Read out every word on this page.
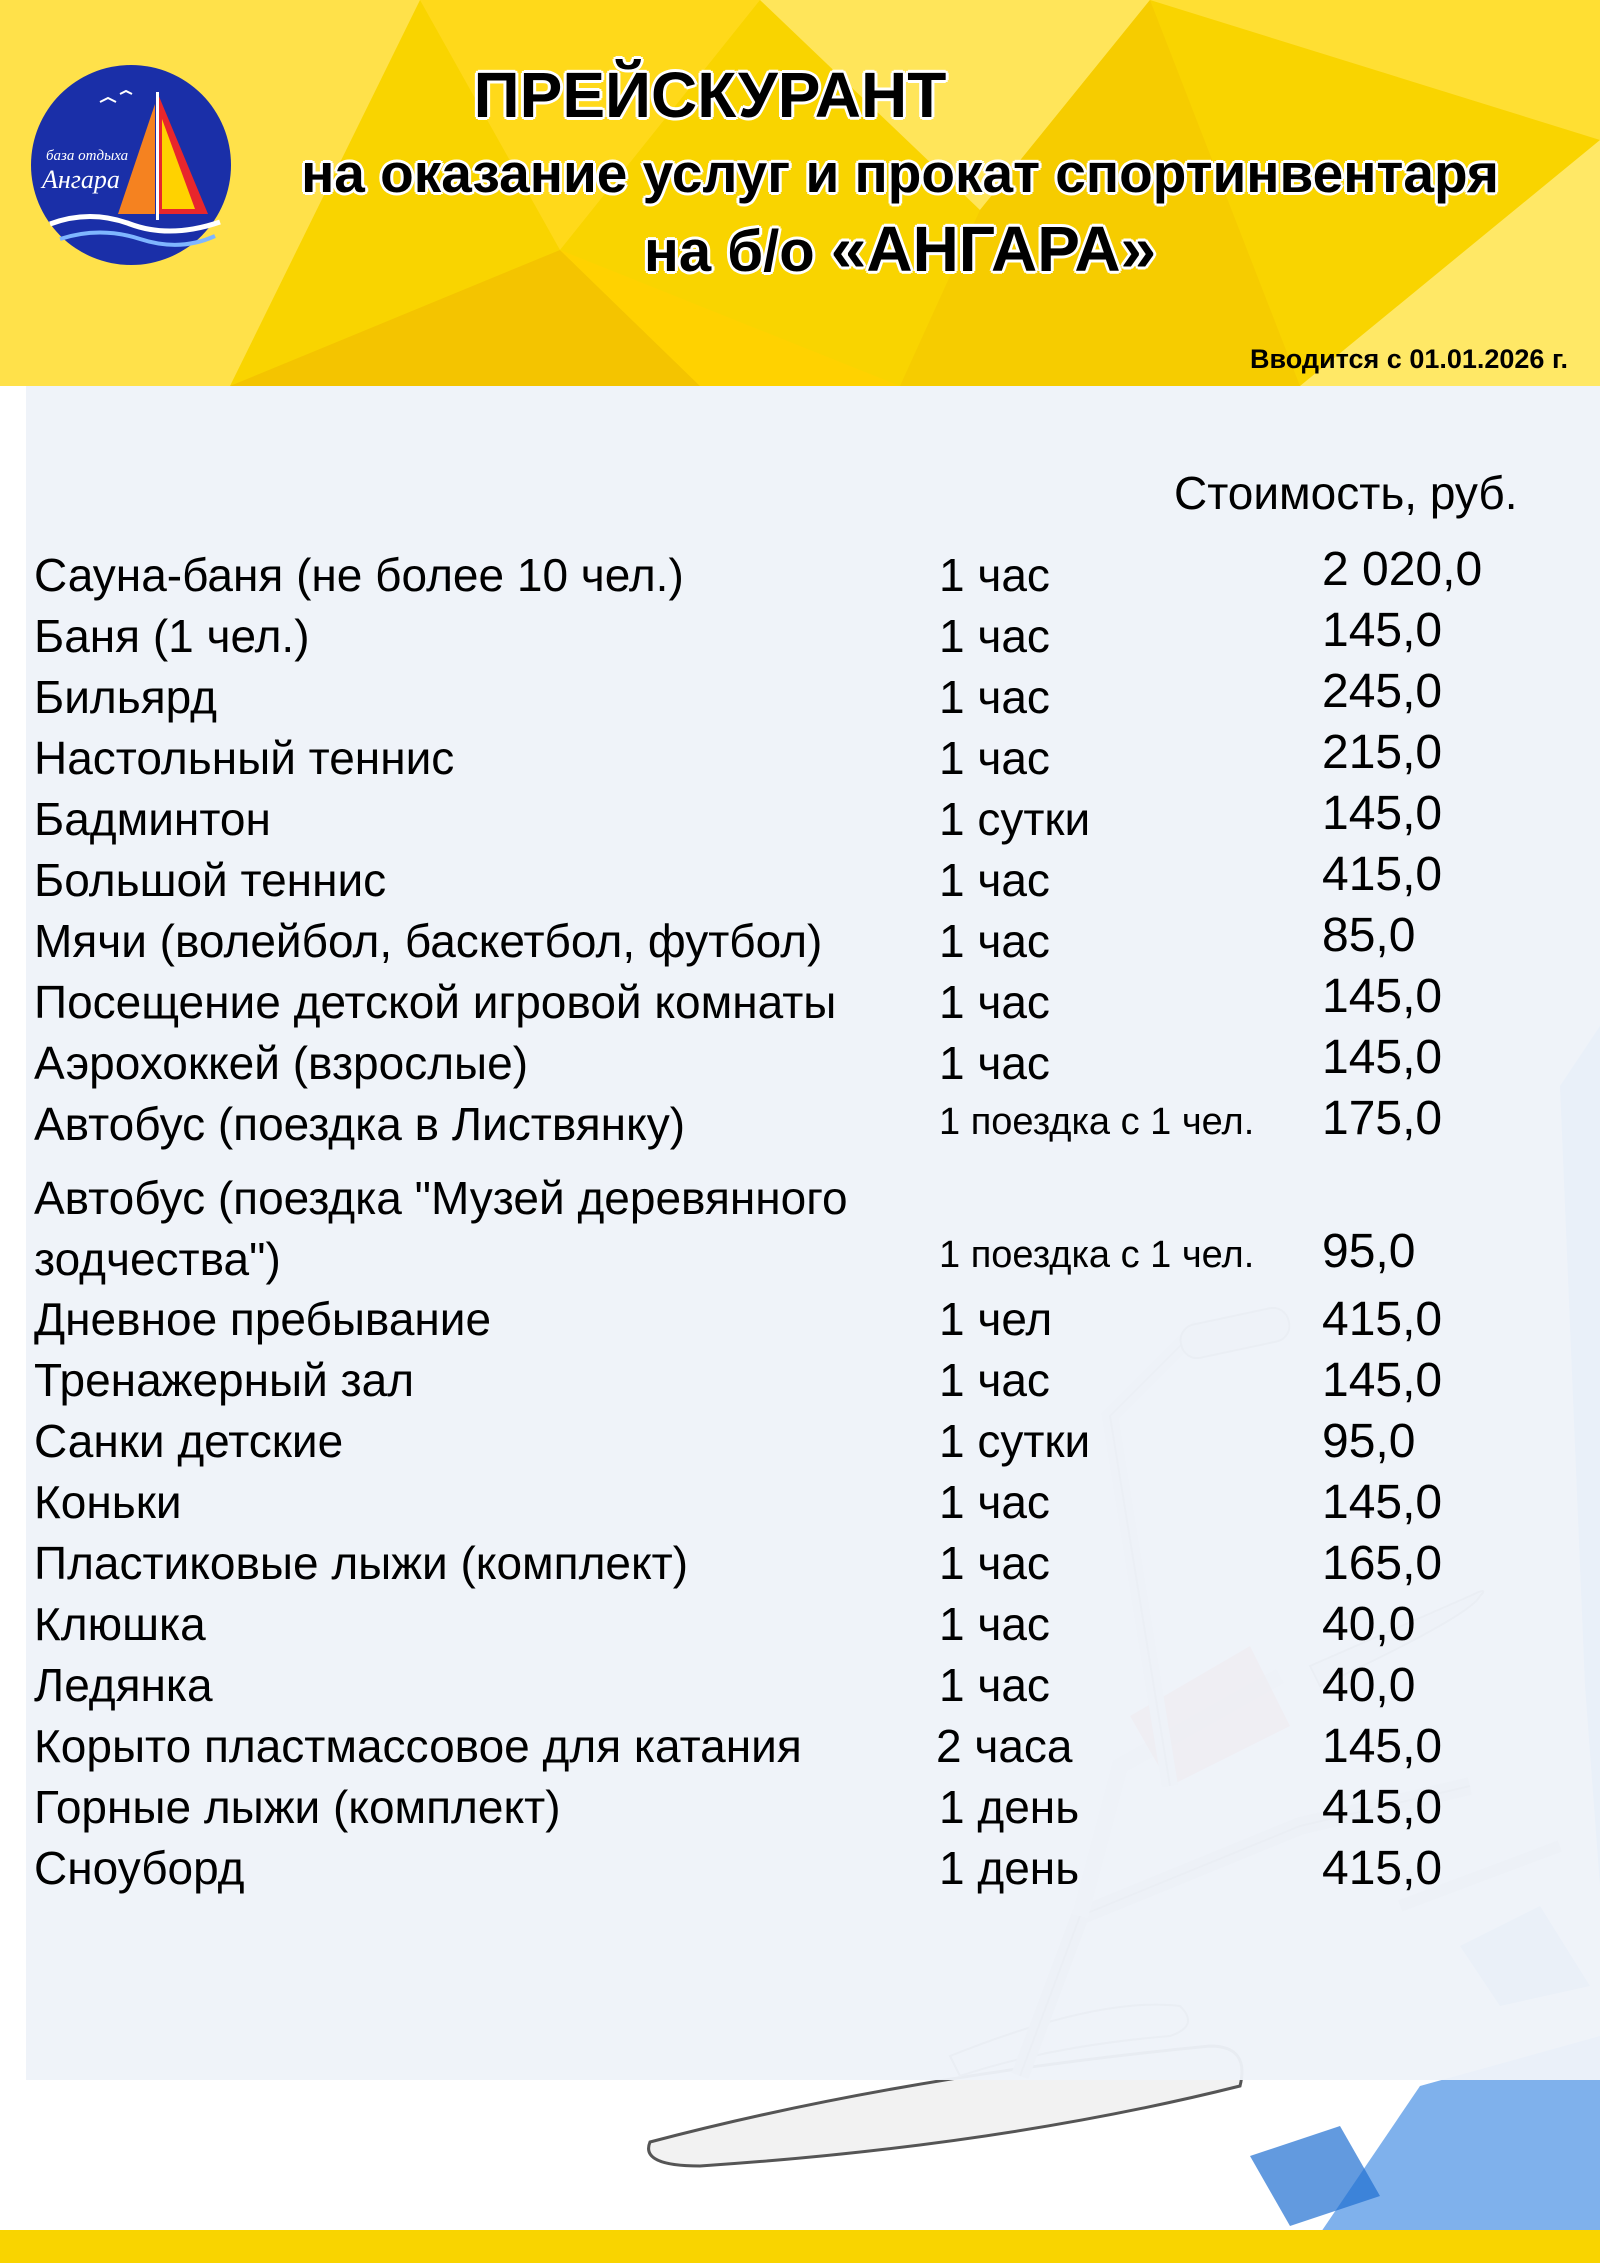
база отдыха
Ангара
ПРЕЙСКУРАНТ
на оказание услуг и прокат спортинвентаря
на б/о «АНГАРА»
Вводится с 01.01.2026 г.
Стоимость, руб.
Сауна-баня (не более 10 чел.)	1 час	2 020,0
Баня (1 чел.)	1 час	145,0
Бильярд	1 час	245,0
Настольный теннис	1 час	215,0
Бадминтон	1 сутки	145,0
Большой теннис	1 час	415,0
Мячи (волейбол, баскетбол, футбол)	1 час	85,0
Посещение детской игровой комнаты 1 час	145,0
Аэрохоккей (взрослые)	1 час	145,0
Автобус (поездка в Листвянку)	1 поездка с 1 чел. 175,0
Автобус (поездка "Музей деревянного зодчества")	1 поездка с 1 чел. 95,0
Дневное пребывание	1 чел	415,0
Тренажерный зал	1 час	145,0
Санки детские	1 сутки	95,0
Коньки	1 час	145,0
Пластиковые лыжи (комплект)	1 час	165,0
Клюшка	1 час	40,0
Ледянка	1 час	40,0
Корыто пластмассовое для катания	2 часа	145,0
Горные лыжи (комплект)	1 день	415,0
Сноуборд	1 день	415,0
